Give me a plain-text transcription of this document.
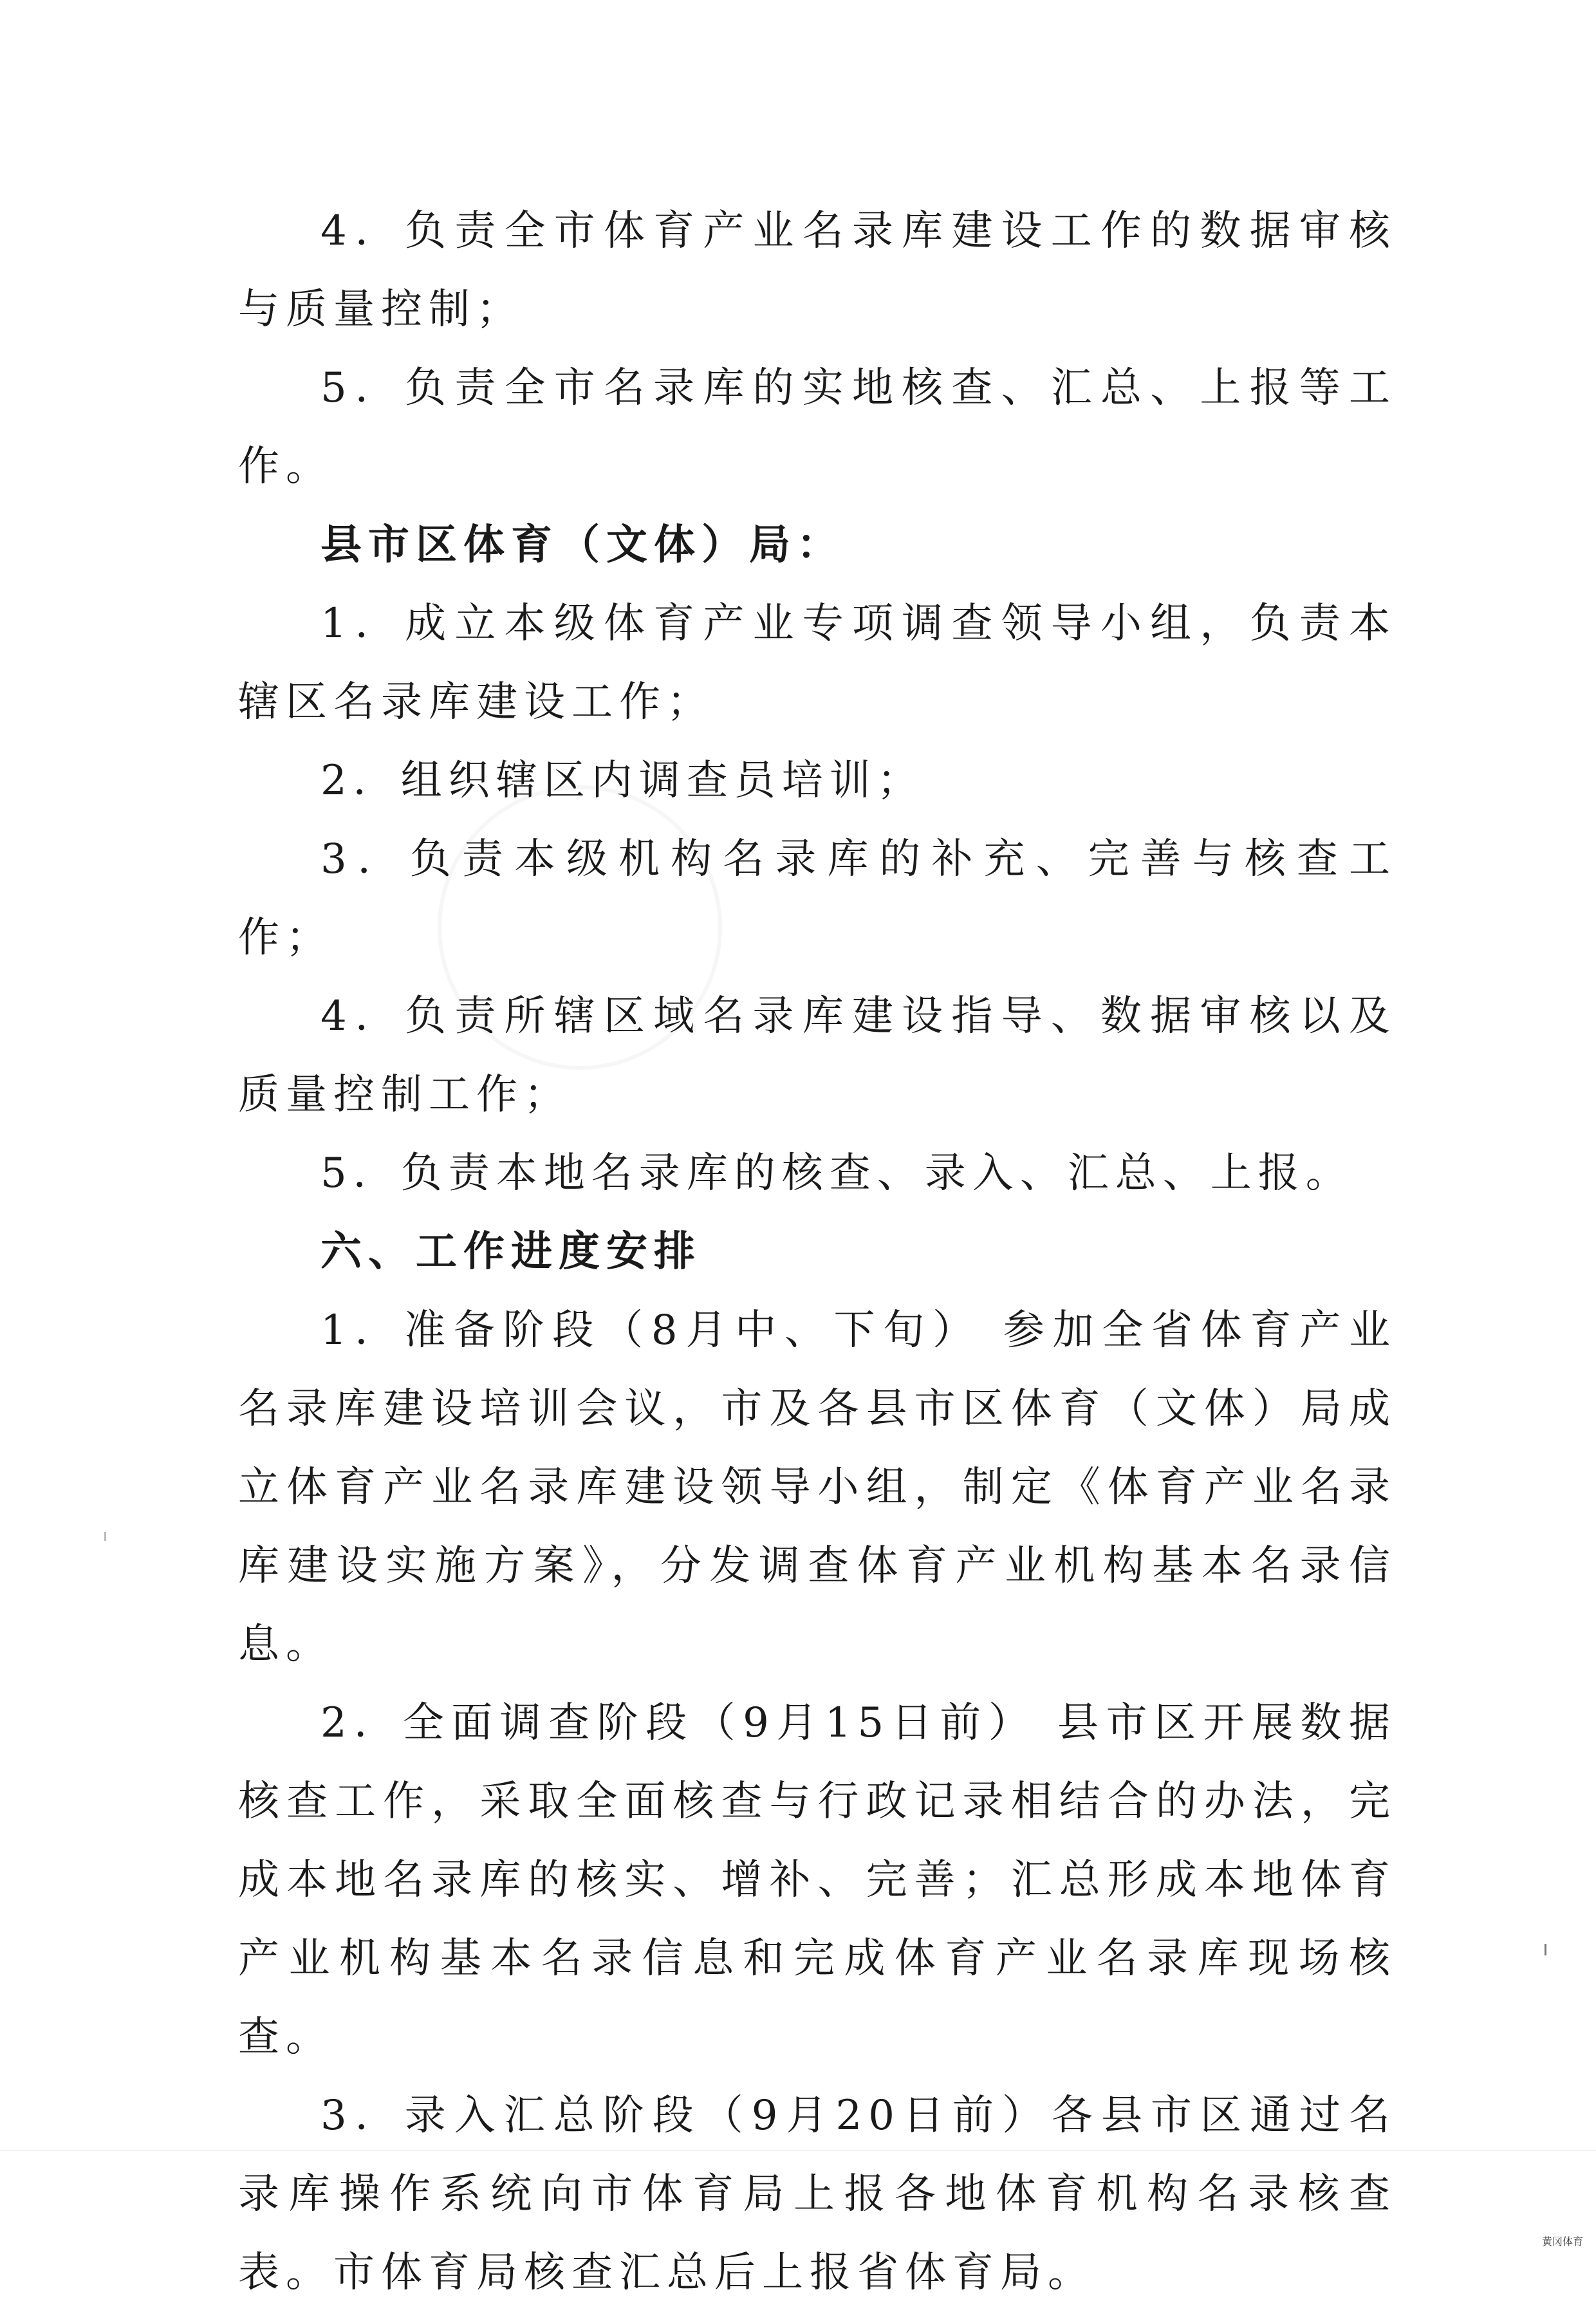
4．负责全市体育产业名录库建设工作的数据审核与质量控制；

5．负责全市名录库的实地核查、汇总、上报等工作。

县市区体育（文体）局：

1．成立本级体育产业专项调查领导小组，负责本辖区名录库建设工作；

2．组织辖区内调查员培训；

3．负责本级机构名录库的补充、完善与核查工作；

4．负责所辖区域名录库建设指导、数据审核以及质量控制工作；

5．负责本地名录库的核查、录入、汇总、上报。

六、工作进度安排

1．准备阶段（8月中、下旬） 参加全省体育产业名录库建设培训会议，市及各县市区体育（文体）局成立体育产业名录库建设领导小组，制定《体育产业名录库建设实施方案》，分发调查体育产业机构基本名录信息。

2．全面调查阶段（9月15日前） 县市区开展数据核查工作，采取全面核查与行政记录相结合的办法，完成本地名录库的核实、增补、完善；汇总形成本地体育产业机构基本名录信息和完成体育产业名录库现场核查。

3．录入汇总阶段（9月20日前）各县市区通过名录库操作系统向市体育局上报各地体育机构名录核查表。市体育局核查汇总后上报省体育局。

黄冈体育
